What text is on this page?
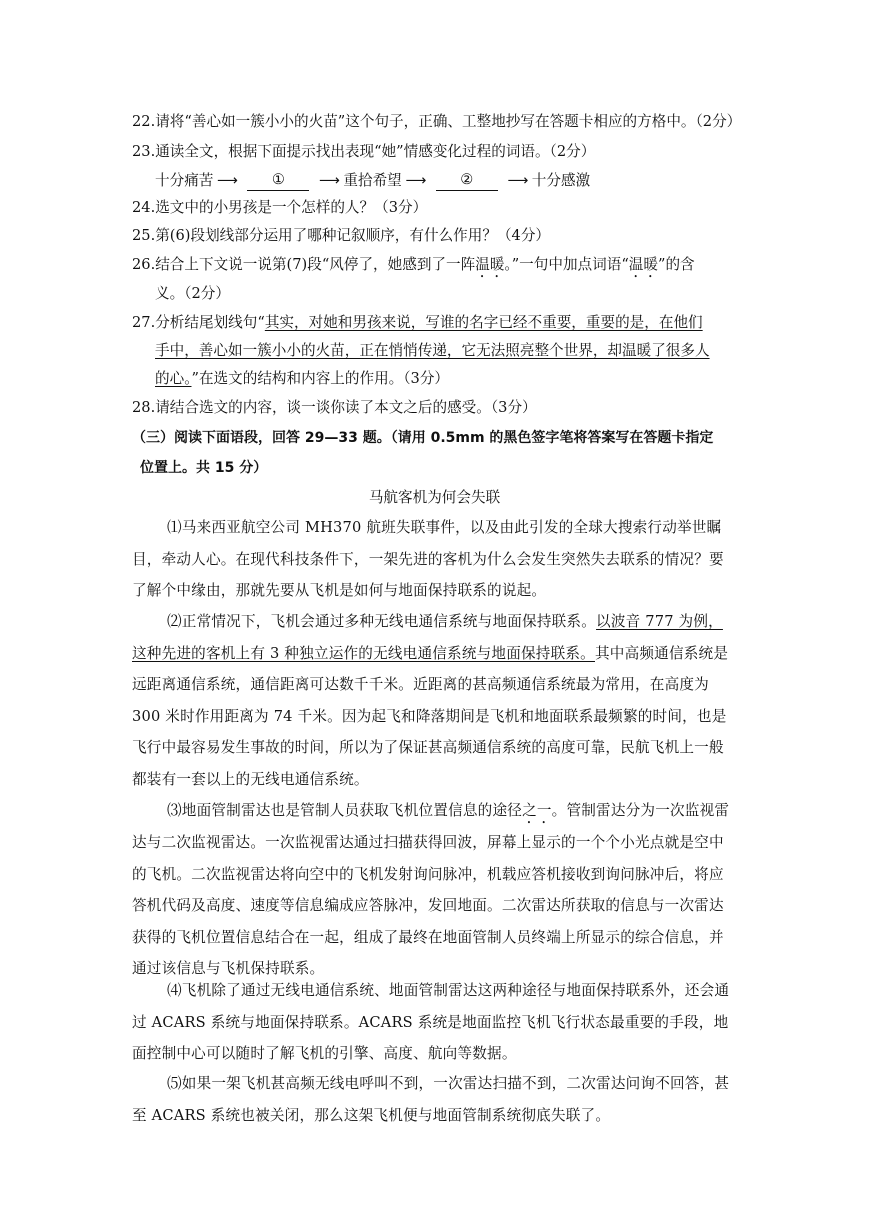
22.请将“善心如一簇小小的火苗”这个句子，正确、工整地抄写在答题卡相应的方格中。（2分）
23.通读全文，根据下面提示找出表现“她”情感变化过程的词语。（2分）
十分痛苦 ⟶	①	⟶ 重拾希望 ⟶	②	⟶ 十分感激
24.选文中的小男孩是一个怎样的人？（3分）
25.第(6)段划线部分运用了哪种记叙顺序，有什么作用？（4分）
26.结合上下文说一说第(7)段“风停了，她感到了一阵温暖。”一句中加点词语“温暖”的含
义。（2分）
27.分析结尾划线句“其实，对她和男孩来说，写谁的名字已经不重要，重要的是，在他们
手中，善心如一簇小小的火苗，正在悄悄传递，它无法照亮整个世界，却温暖了很多人
的心。”在选文的结构和内容上的作用。（3分）
28.请结合选文的内容，谈一谈你读了本文之后的感受。（3分）
（三）阅读下面语段，回答 29—33 题。（请用 0.5mm 的黑色签字笔将答案写在答题卡指定
位置上。共 15 分）
马航客机为何会失联
⑴马来西亚航空公司 MH370 航班失联事件，以及由此引发的全球大搜索行动举世瞩目，牵动人心。在现代科技条件下，一架先进的客机为什么会发生突然失去联系的情况？要了解个中缘由，那就先要从飞机是如何与地面保持联系的说起。
⑵正常情况下，飞机会通过多种无线电通信系统与地面保持联系。以波音 777 为例，这种先进的客机上有 3 种独立运作的无线电通信系统与地面保持联系。其中高频通信系统是远距离通信系统，通信距离可达数千千米。近距离的甚高频通信系统最为常用，在高度为 300 米时作用距离为 74 千米。因为起飞和降落期间是飞机和地面联系最频繁的时间，也是飞行中最容易发生事故的时间，所以为了保证甚高频通信系统的高度可靠，民航飞机上一般都装有一套以上的无线电通信系统。
⑶地面管制雷达也是管制人员获取飞机位置信息的途径之一。管制雷达分为一次监视雷达与二次监视雷达。一次监视雷达通过扫描获得回波，屏幕上显示的一个个小光点就是空中的飞机。二次监视雷达将向空中的飞机发射询问脉冲，机载应答机接收到询问脉冲后，将应答机代码及高度、速度等信息编成应答脉冲，发回地面。二次雷达所获取的信息与一次雷达获得的飞机位置信息结合在一起，组成了最终在地面管制人员终端上所显示的综合信息，并通过该信息与飞机保持联系。
⑷飞机除了通过无线电通信系统、地面管制雷达这两种途径与地面保持联系外，还会通过 ACARS 系统与地面保持联系。ACARS 系统是地面监控飞机飞行状态最重要的手段，地面控制中心可以随时了解飞机的引擎、高度、航向等数据。
⑸如果一架飞机甚高频无线电呼叫不到，一次雷达扫描不到，二次雷达问询不回答，甚至 ACARS 系统也被关闭，那么这架飞机便与地面管制系统彻底失联了。
